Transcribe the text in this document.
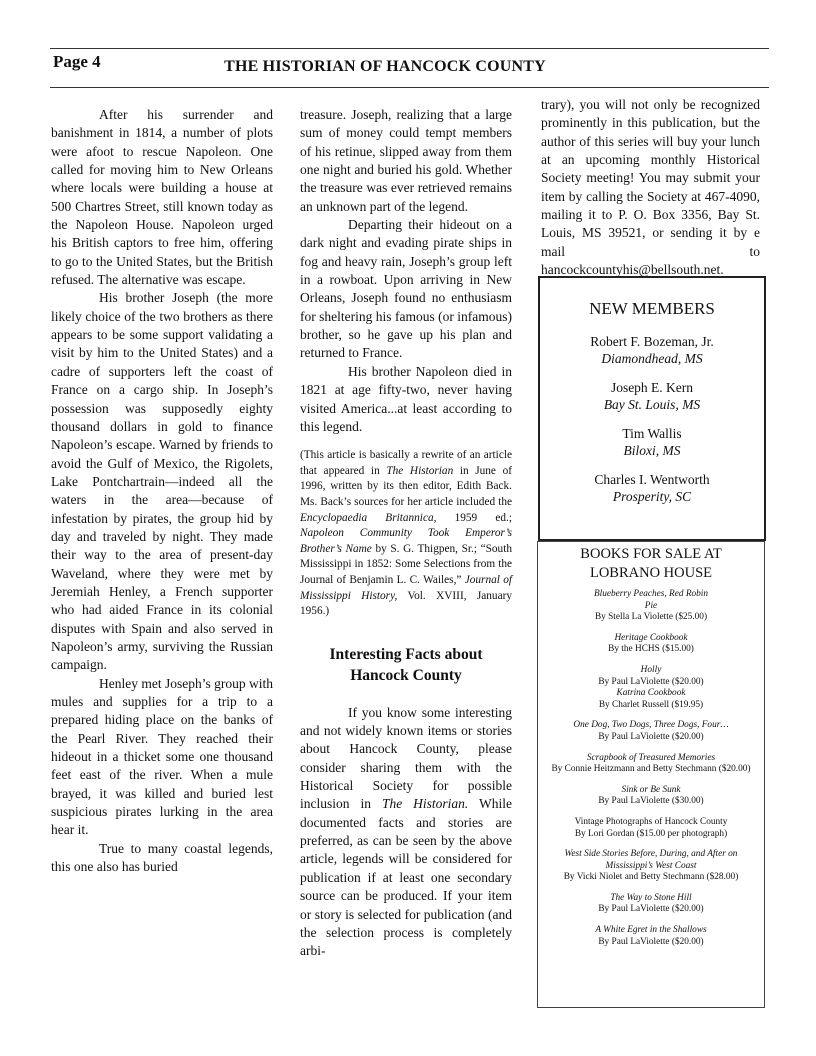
Page 4	THE HISTORIAN OF HANCOCK COUNTY

After his surrender and banishment in 1814, a number of plots were afoot to rescue Napoleon. One called for moving him to New Orleans where locals were building a house at 500 Chartres Street, still known today as the Napoleon House. Napoleon urged his British captors to free him, offering to go to the United States, but the British refused. The alternative was escape.

His brother Joseph (the more likely choice of the two brothers as there appears to be some support validating a visit by him to the United States) and a cadre of supporters left the coast of France on a cargo ship. In Joseph’s possession was supposedly eighty thousand dollars in gold to finance Napoleon’s escape. Warned by friends to avoid the Gulf of Mexico, the Rigolets, Lake Pontchartrain—indeed all the waters in the area—because of infestation by pirates, the group hid by day and traveled by night. They made their way to the area of present-day Waveland, where they were met by Jeremiah Henley, a French supporter who had aided France in its colonial disputes with Spain and also served in Napoleon’s army, surviving the Russian campaign.

Henley met Joseph’s group with mules and supplies for a trip to a prepared hiding place on the banks of the Pearl River. They reached their hideout in a thicket some one thousand feet east of the river. When a mule brayed, it was killed and buried lest suspicious pirates lurking in the area hear it.

True to many coastal legends, this one also has buried

treasure. Joseph, realizing that a large sum of money could tempt members of his retinue, slipped away from them one night and buried his gold. Whether the treasure was ever retrieved remains an unknown part of the legend.

Departing their hideout on a dark night and evading pirate ships in fog and heavy rain, Joseph’s group left in a rowboat. Upon arriving in New Orleans, Joseph found no enthusiasm for sheltering his famous (or infamous) brother, so he gave up his plan and returned to France.

His brother Napoleon died in 1821 at age fifty-two, never having visited America...at least according to this legend.

(This article is basically a rewrite of an article that appeared in The Historian in June of 1996, written by its then editor, Edith Back. Ms. Back’s sources for her article included the Encyclopaedia Britannica, 1959 ed.; Napoleon Community Took Emperor’s Brother’s Name by S. G. Thigpen, Sr.; “South Mississippi in 1852: Some Selections from the Journal of Benjamin L. C. Wailes,” Journal of Mississippi History, Vol. XVIII, January 1956.)

Interesting Facts about Hancock County

If you know some interesting and not widely known items or stories about Hancock County, please consider sharing them with the Historical Society for possible inclusion in The Historian. While documented facts and stories are preferred, as can be seen by the above article, legends will be considered for publication if at least one secondary source can be produced. If your item or story is selected for publication (and the selection process is completely arbi-

trary), you will not only be recognized prominently in this publication, but the author of this series will buy your lunch at an upcoming monthly Historical Society meeting! You may submit your item by calling the Society at 467-4090, mailing it to P. O. Box 3356, Bay St. Louis, MS 39521, or sending it by e mail to hancockcountyhis@bellsouth.net.

NEW MEMBERS
Robert F. Bozeman, Jr.
Diamondhead, MS
Joseph E. Kern
Bay St. Louis, MS
Tim Wallis
Biloxi, MS
Charles I. Wentworth
Prosperity, SC
BOOKS FOR SALE AT LOBRANO HOUSE
Blueberry Peaches, Red Robin Pie
By Stella La Violette ($25.00)
Heritage Cookbook
By the HCHS ($15.00)
Holly
By Paul LaViolette ($20.00)
Katrina Cookbook
By Charlet Russell ($19.95)
One Dog, Two Dogs, Three Dogs, Four…
By Paul LaViolette ($20.00)
Scrapbook of Treasured Memories
By Connie Heitzmann and Betty Stechmann ($20.00)
Sink or Be Sunk
By Paul LaViolette ($30.00)
Vintage Photographs of Hancock County
By Lori Gordan ($15.00 per photograph)
West Side Stories Before, During, and After on Mississippi’s West Coast
By Vicki Niolet and Betty Stechmann ($28.00)
The Way to Stone Hill
By Paul LaViolette ($20.00)
A White Egret in the Shallows
By Paul LaViolette ($20.00)
